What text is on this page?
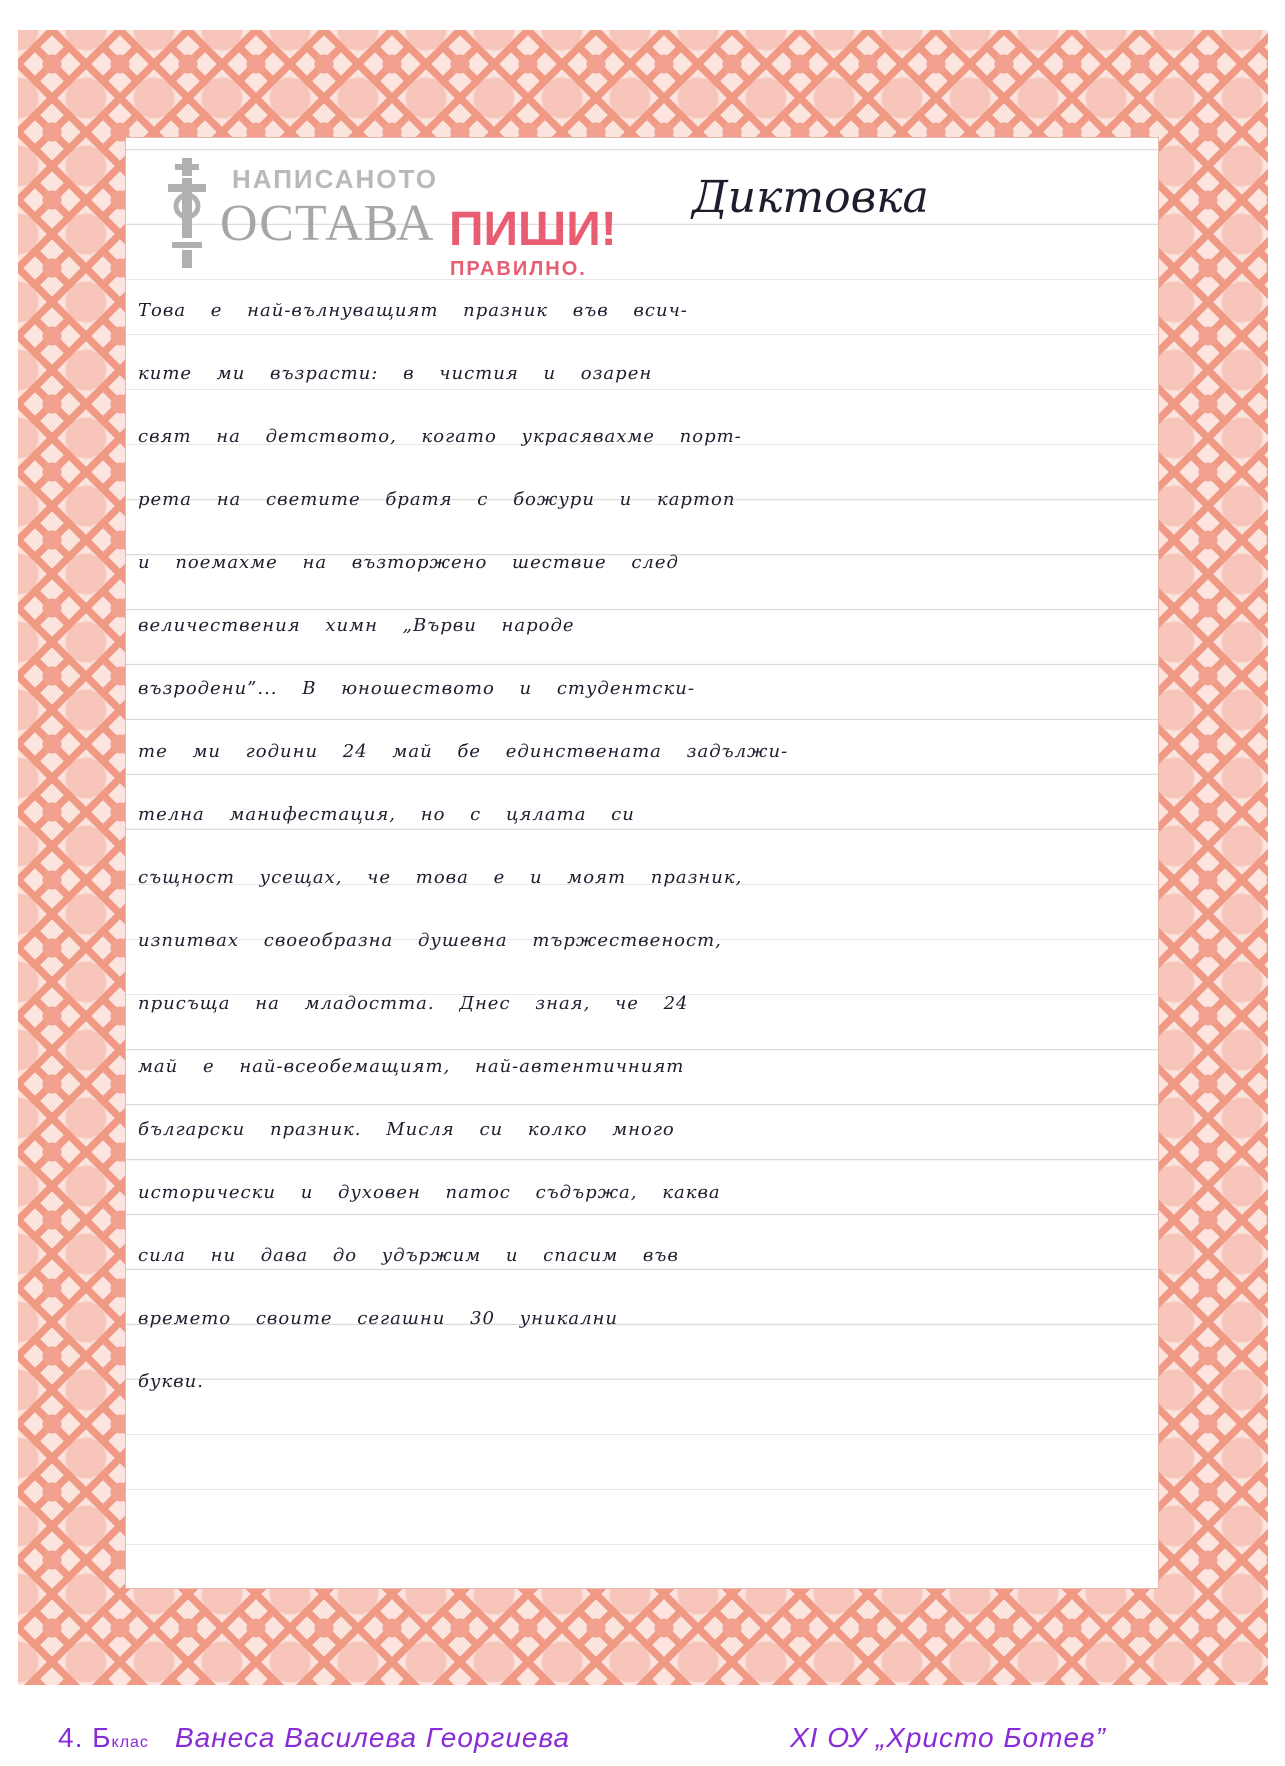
НАПИСАНОТО
ОСТАВА ПИШИ!
ПРАВИЛНО.
Диктовка
Това е най-вълнуващият празник във всич-
ките ми възрасти: в чистия и озарен
свят на детството, когато украсявахме порт-
рета на светите братя с божури и картоп
и поемахме на възторжено шествие след
величествения химн „Върви народе
възродени”... В юношеството и студентски-
те ми години 24 май бе единствената задължи-
телна манифестация, но с цялата си
същност усещах, че това е и моят празник,
изпитвах своеобразна душевна тържественост,
присъща на младостта. Днес зная, че 24
май е най-всеобемащият, най-автентичният
български празник. Мисля си колко много
исторически и духовен патос съдържа, каква
сила ни дава до удържим и спасим във
времето своите сегашни 30 уникални
букви.
4. Бклас Ванеса Василева Георгиева	XI ОУ „Христо Ботев”
